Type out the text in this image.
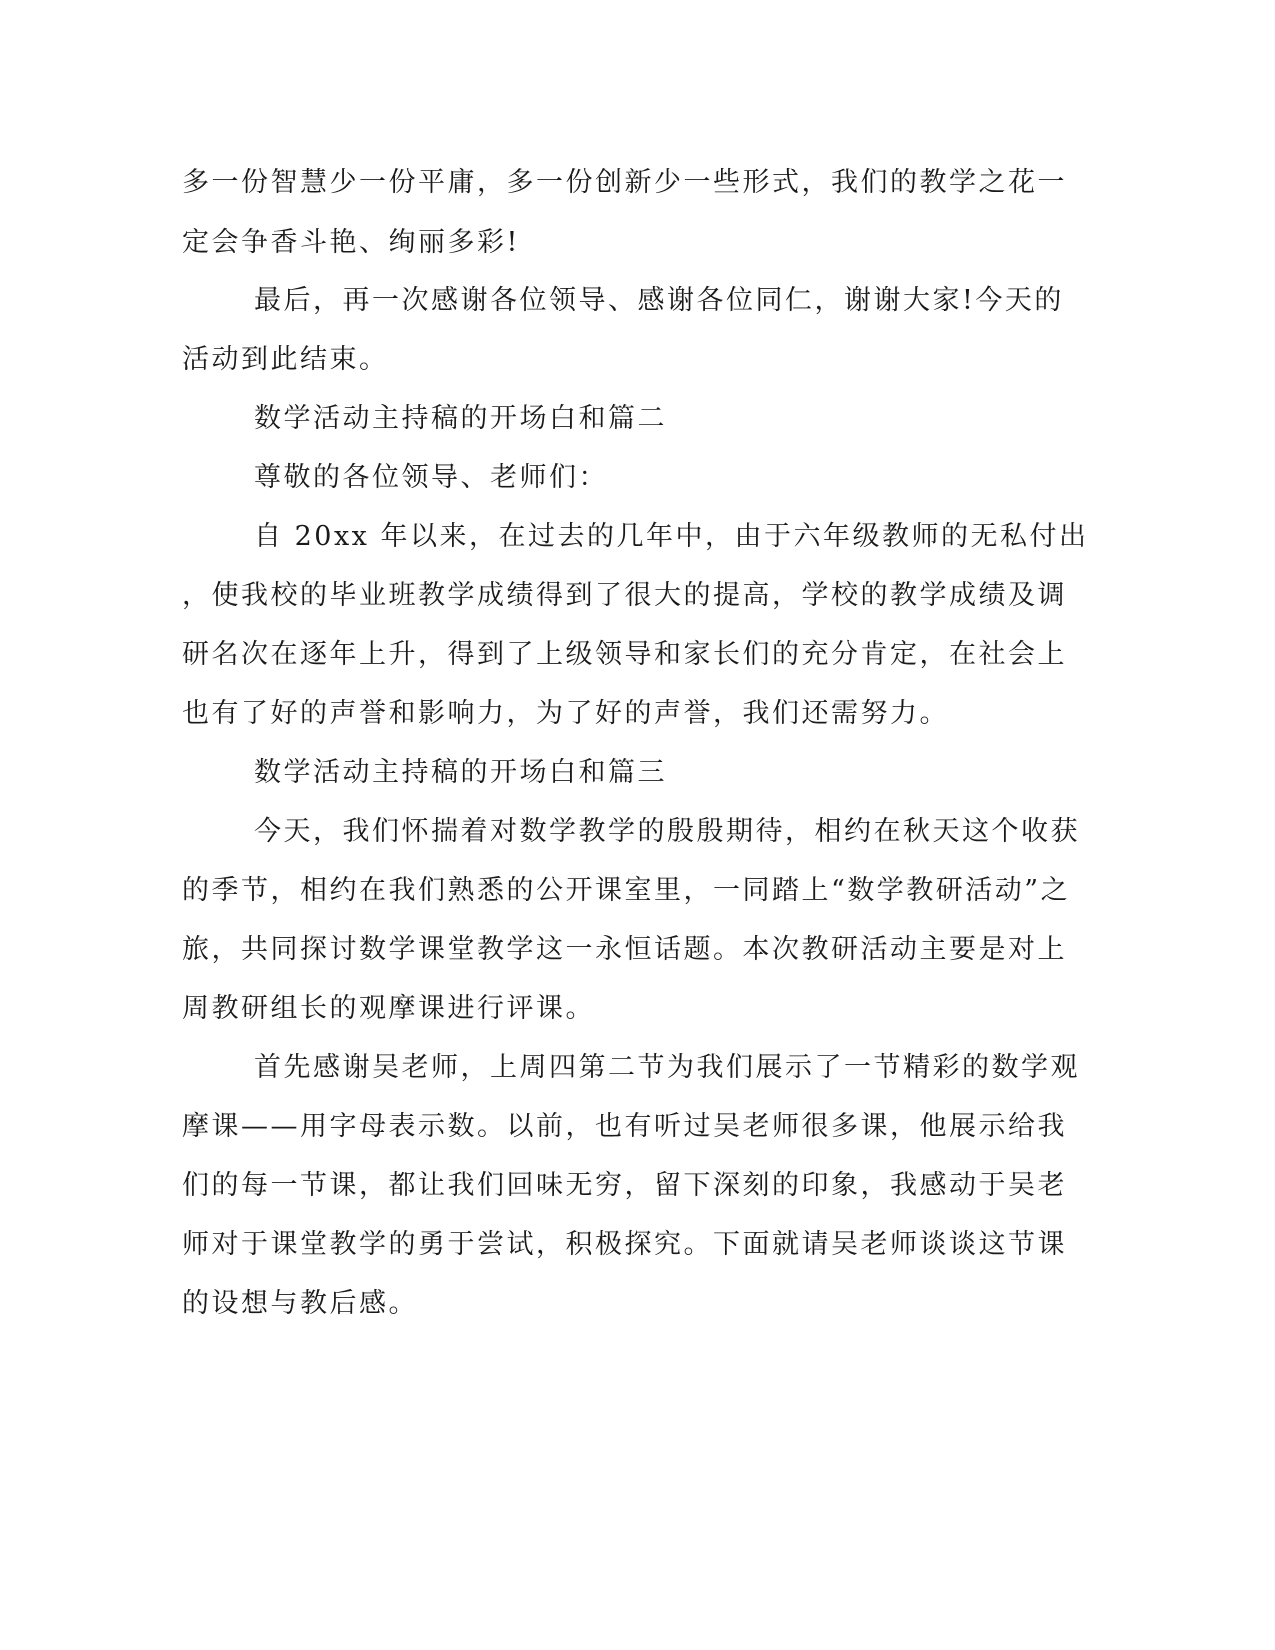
多一份智慧少一份平庸，多一份创新少一些形式，我们的教学之花一
定会争香斗艳、绚丽多彩!
最后，再一次感谢各位领导、感谢各位同仁，谢谢大家!今天的
活动到此结束。
数学活动主持稿的开场白和篇二
尊敬的各位领导、老师们：
自 20xx 年以来，在过去的几年中，由于六年级教师的无私付出
，使我校的毕业班教学成绩得到了很大的提高，学校的教学成绩及调
研名次在逐年上升，得到了上级领导和家长们的充分肯定，在社会上
也有了好的声誉和影响力，为了好的声誉，我们还需努力。
数学活动主持稿的开场白和篇三
今天，我们怀揣着对数学教学的殷殷期待，相约在秋天这个收获
的季节，相约在我们熟悉的公开课室里，一同踏上“数学教研活动”之
旅，共同探讨数学课堂教学这一永恒话题。本次教研活动主要是对上
周教研组长的观摩课进行评课。
首先感谢吴老师，上周四第二节为我们展示了一节精彩的数学观
摩课——用字母表示数。以前，也有听过吴老师很多课，他展示给我
们的每一节课，都让我们回味无穷，留下深刻的印象，我感动于吴老
师对于课堂教学的勇于尝试，积极探究。下面就请吴老师谈谈这节课
的设想与教后感。
